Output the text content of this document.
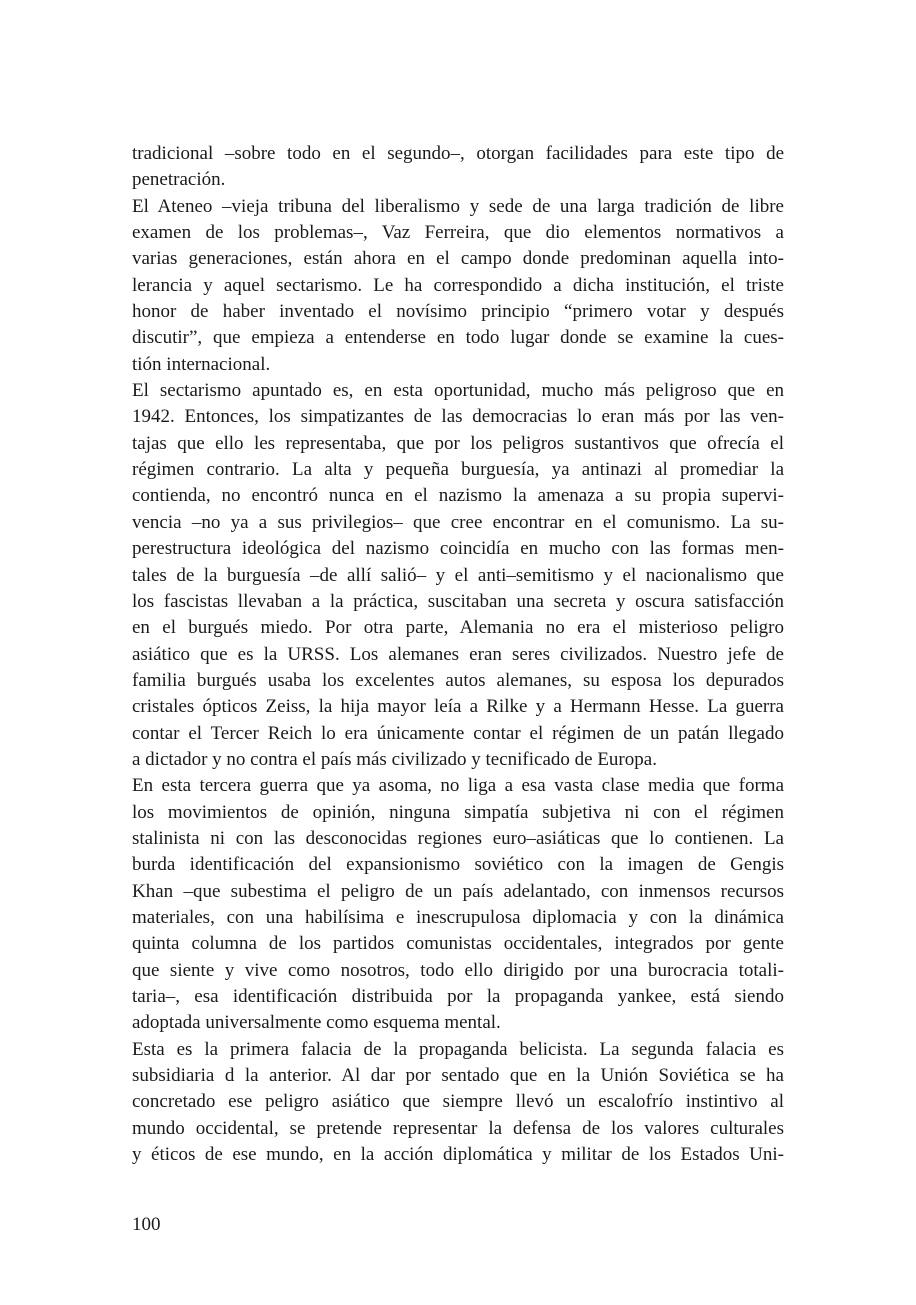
tradicional –sobre todo en el segundo–, otorgan facilidades para este tipo de
penetración.

El Ateneo –vieja tribuna del liberalismo y sede de una larga tradición de libre
examen de los problemas–, Vaz Ferreira, que dio elementos normativos a
varias generaciones, están ahora en el campo donde predominan aquella into-
lerancia y aquel sectarismo. Le ha correspondido a dicha institución, el triste
honor de haber inventado el novísimo principio “primero votar y después
discutir”, que empieza a entenderse en todo lugar donde se examine la cues-
tión internacional.

El sectarismo apuntado es, en esta oportunidad, mucho más peligroso que en
1942. Entonces, los simpatizantes de las democracias lo eran más por las ven-
tajas que ello les representaba, que por los peligros sustantivos que ofrecía el
régimen contrario. La alta y pequeña burguesía, ya antinazi al promediar la
contienda, no encontró nunca en el nazismo la amenaza a su propia supervi-
vencia –no ya a sus privilegios– que cree encontrar en el comunismo. La su-
perestructura ideológica del nazismo coincidía en mucho con las formas men-
tales de la burguesía –de allí salió– y el anti–semitismo y el nacionalismo que
los fascistas llevaban a la práctica, suscitaban una secreta y oscura satisfacción
en el burgués miedo. Por otra parte, Alemania no era el misterioso peligro
asiático que es la URSS. Los alemanes eran seres civilizados. Nuestro jefe de
familia burgués usaba los excelentes autos alemanes, su esposa los depurados
cristales ópticos Zeiss, la hija mayor leía a Rilke y a Hermann Hesse. La guerra
contar el Tercer Reich lo era únicamente contar el régimen de un patán llegado
a dictador y no contra el país más civilizado y tecnificado de Europa.

En esta tercera guerra que ya asoma, no liga a esa vasta clase media que forma
los movimientos de opinión, ninguna simpatía subjetiva ni con el régimen
stalinista ni con las desconocidas regiones euro–asiáticas que lo contienen. La
burda identificación del expansionismo soviético con la imagen de Gengis
Khan –que subestima el peligro de un país adelantado, con inmensos recursos
materiales, con una habilísima e inescrupulosa diplomacia y con la dinámica
quinta columna de los partidos comunistas occidentales, integrados por gente
que siente y vive como nosotros, todo ello dirigido por una burocracia totali-
taria–, esa identificación distribuida por la propaganda yankee, está siendo
adoptada universalmente como esquema mental.

Esta es la primera falacia de la propaganda belicista. La segunda falacia es
subsidiaria d la anterior. Al dar por sentado que en la Unión Soviética se ha
concretado ese peligro asiático que siempre llevó un escalofrío instintivo al
mundo occidental, se pretende representar la defensa de los valores culturales
y éticos de ese mundo, en la acción diplomática y militar de los Estados Uni-

100
